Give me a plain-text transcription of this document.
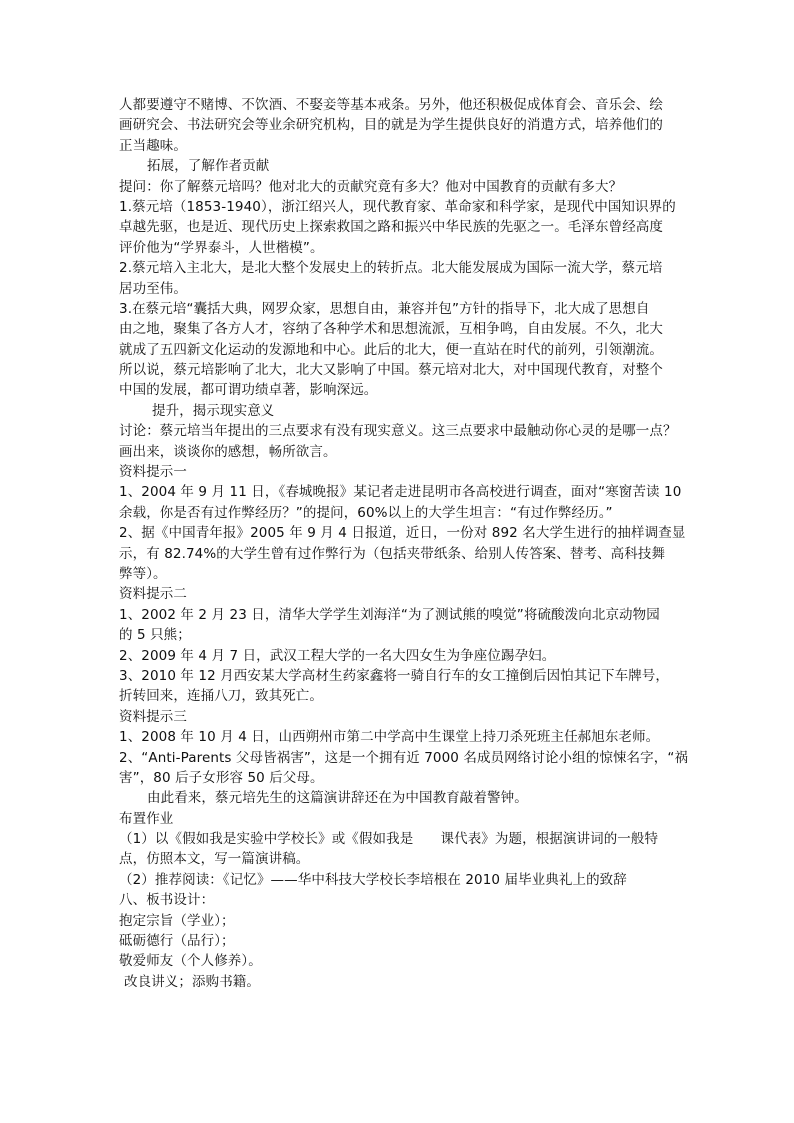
人都要遵守不赌博、不饮酒、不娶妾等基本戒条。另外，他还积极促成体育会、音乐会、绘
画研究会、书法研究会等业余研究机构，目的就是为学生提供良好的消遣方式，培养他们的
正当趣味。
拓展，了解作者贡献
提问：你了解蔡元培吗？他对北大的贡献究竟有多大？他对中国教育的贡献有多大？
1.蔡元培（1853-1940），浙江绍兴人，现代教育家、革命家和科学家，是现代中国知识界的
卓越先驱，也是近、现代历史上探索救国之路和振兴中华民族的先驱之一。毛泽东曾经高度
评价他为“学界泰斗，人世楷模”。
2.蔡元培入主北大，是北大整个发展史上的转折点。北大能发展成为国际一流大学，蔡元培
居功至伟。
3.在蔡元培“囊括大典，网罗众家，思想自由，兼容并包”方针的指导下，北大成了思想自
由之地，聚集了各方人才，容纳了各种学术和思想流派，互相争鸣，自由发展。不久，北大
就成了五四新文化运动的发源地和中心。此后的北大，便一直站在时代的前列，引领潮流。
所以说，蔡元培影响了北大，北大又影响了中国。蔡元培对北大，对中国现代教育，对整个
中国的发展，都可谓功绩卓著，影响深远。
提升，揭示现实意义
讨论：蔡元培当年提出的三点要求有没有现实意义。这三点要求中最触动你心灵的是哪一点？
画出来，谈谈你的感想，畅所欲言。
资料提示一
1、2004 年 9 月 11 日，《春城晚报》某记者走进昆明市各高校进行调查，面对“寒窗苦读 10
余载，你是否有过作弊经历？”的提问，60%以上的大学生坦言：“有过作弊经历。”
2、据《中国青年报》2005 年 9 月 4 日报道，近日，一份对 892 名大学生进行的抽样调查显
示，有 82.74%的大学生曾有过作弊行为（包括夹带纸条、给别人传答案、替考、高科技舞
弊等）。
资料提示二
1、2002 年 2 月 23 日，清华大学学生刘海洋“为了测试熊的嗅觉”将硫酸泼向北京动物园
的 5 只熊；
2、2009 年 4 月 7 日，武汉工程大学的一名大四女生为争座位踢孕妇。
3、2010 年 12 月西安某大学高材生药家鑫将一骑自行车的女工撞倒后因怕其记下车牌号，
折转回来，连捅八刀，致其死亡。
资料提示三
1、2008 年 10 月 4 日，山西朔州市第二中学高中生课堂上持刀杀死班主任郝旭东老师。
2、“Anti-Parents 父母皆祸害”，这是一个拥有近 7000 名成员网络讨论小组的惊悚名字，“祸
害”，80 后子女形容 50 后父母。
由此看来，蔡元培先生的这篇演讲辞还在为中国教育敲着警钟。
布置作业
（1）以《假如我是实验中学校长》或《假如我是　　课代表》为题，根据演讲词的一般特
点，仿照本文，写一篇演讲稿。
（2）推荐阅读：《记忆》——华中科技大学校长李培根在 2010 届毕业典礼上的致辞
八、板书设计：
抱定宗旨（学业）；
砥砺德行（品行）；
敬爱师友（个人修养）。
改良讲义；添购书籍。
